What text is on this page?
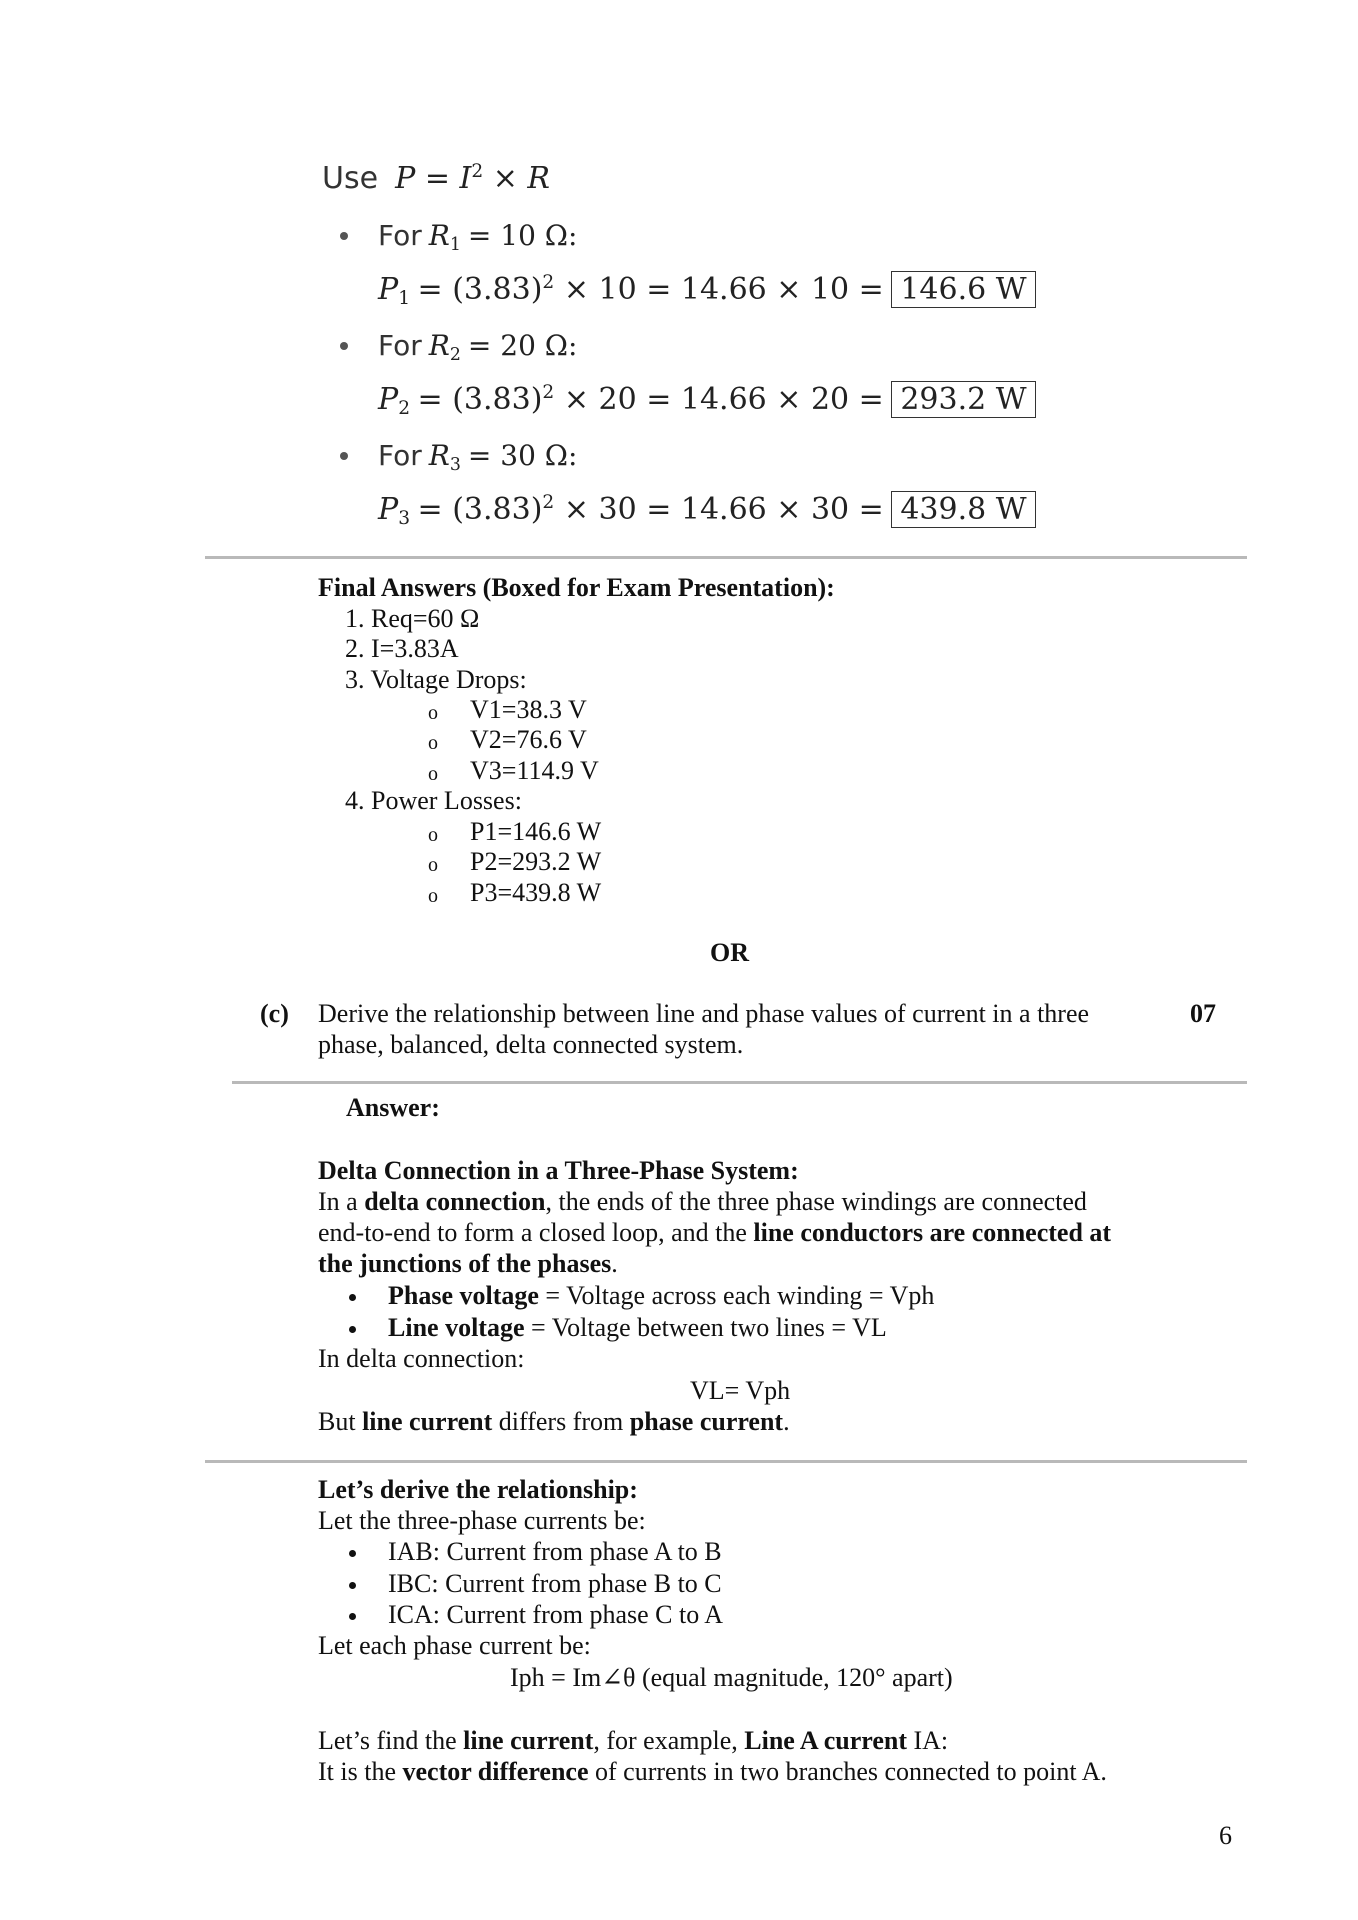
Use  $P = I^2 \times R$
For $R_1 = 10$ Ω:
$P_1 = (3.83)^2 \times 10 = 14.66 \times 10 = 146.6$ W
For $R_2 = 20$ Ω:
$P_2 = (3.83)^2 \times 20 = 14.66 \times 20 = 293.2$ W
For $R_3 = 30$ Ω:
$P_3 = (3.83)^2 \times 30 = 14.66 \times 30 = 439.8$ W
Final Answers (Boxed for Exam Presentation):
1. Req=60 Ω
2. I=3.83A
3. Voltage Drops:
o V1=38.3 V
o V2=76.6 V
o V3=114.9 V
4. Power Losses:
o P1=146.6 W
o P2=293.2 W
o P3=439.8 W
OR
(c) Derive the relationship between line and phase values of current in a three
phase, balanced, delta connected system.
07
Answer:
Delta Connection in a Three-Phase System:
In a delta connection, the ends of the three phase windings are connected
end-to-end to form a closed loop, and the line conductors are connected at
the junctions of the phases.
Phase voltage = Voltage across each winding = Vph
Line voltage = Voltage between two lines = VL
In delta connection:
VL= Vph
But line current differs from phase current.
Let’s derive the relationship:
Let the three-phase currents be:
IAB: Current from phase A to B
IBC: Current from phase B to C
ICA: Current from phase C to A
Let each phase current be:
Iph = Im∠θ (equal magnitude, 120° apart)
Let’s find the line current, for example, Line A current IA:
It is the vector difference of currents in two branches connected to point A.
6
